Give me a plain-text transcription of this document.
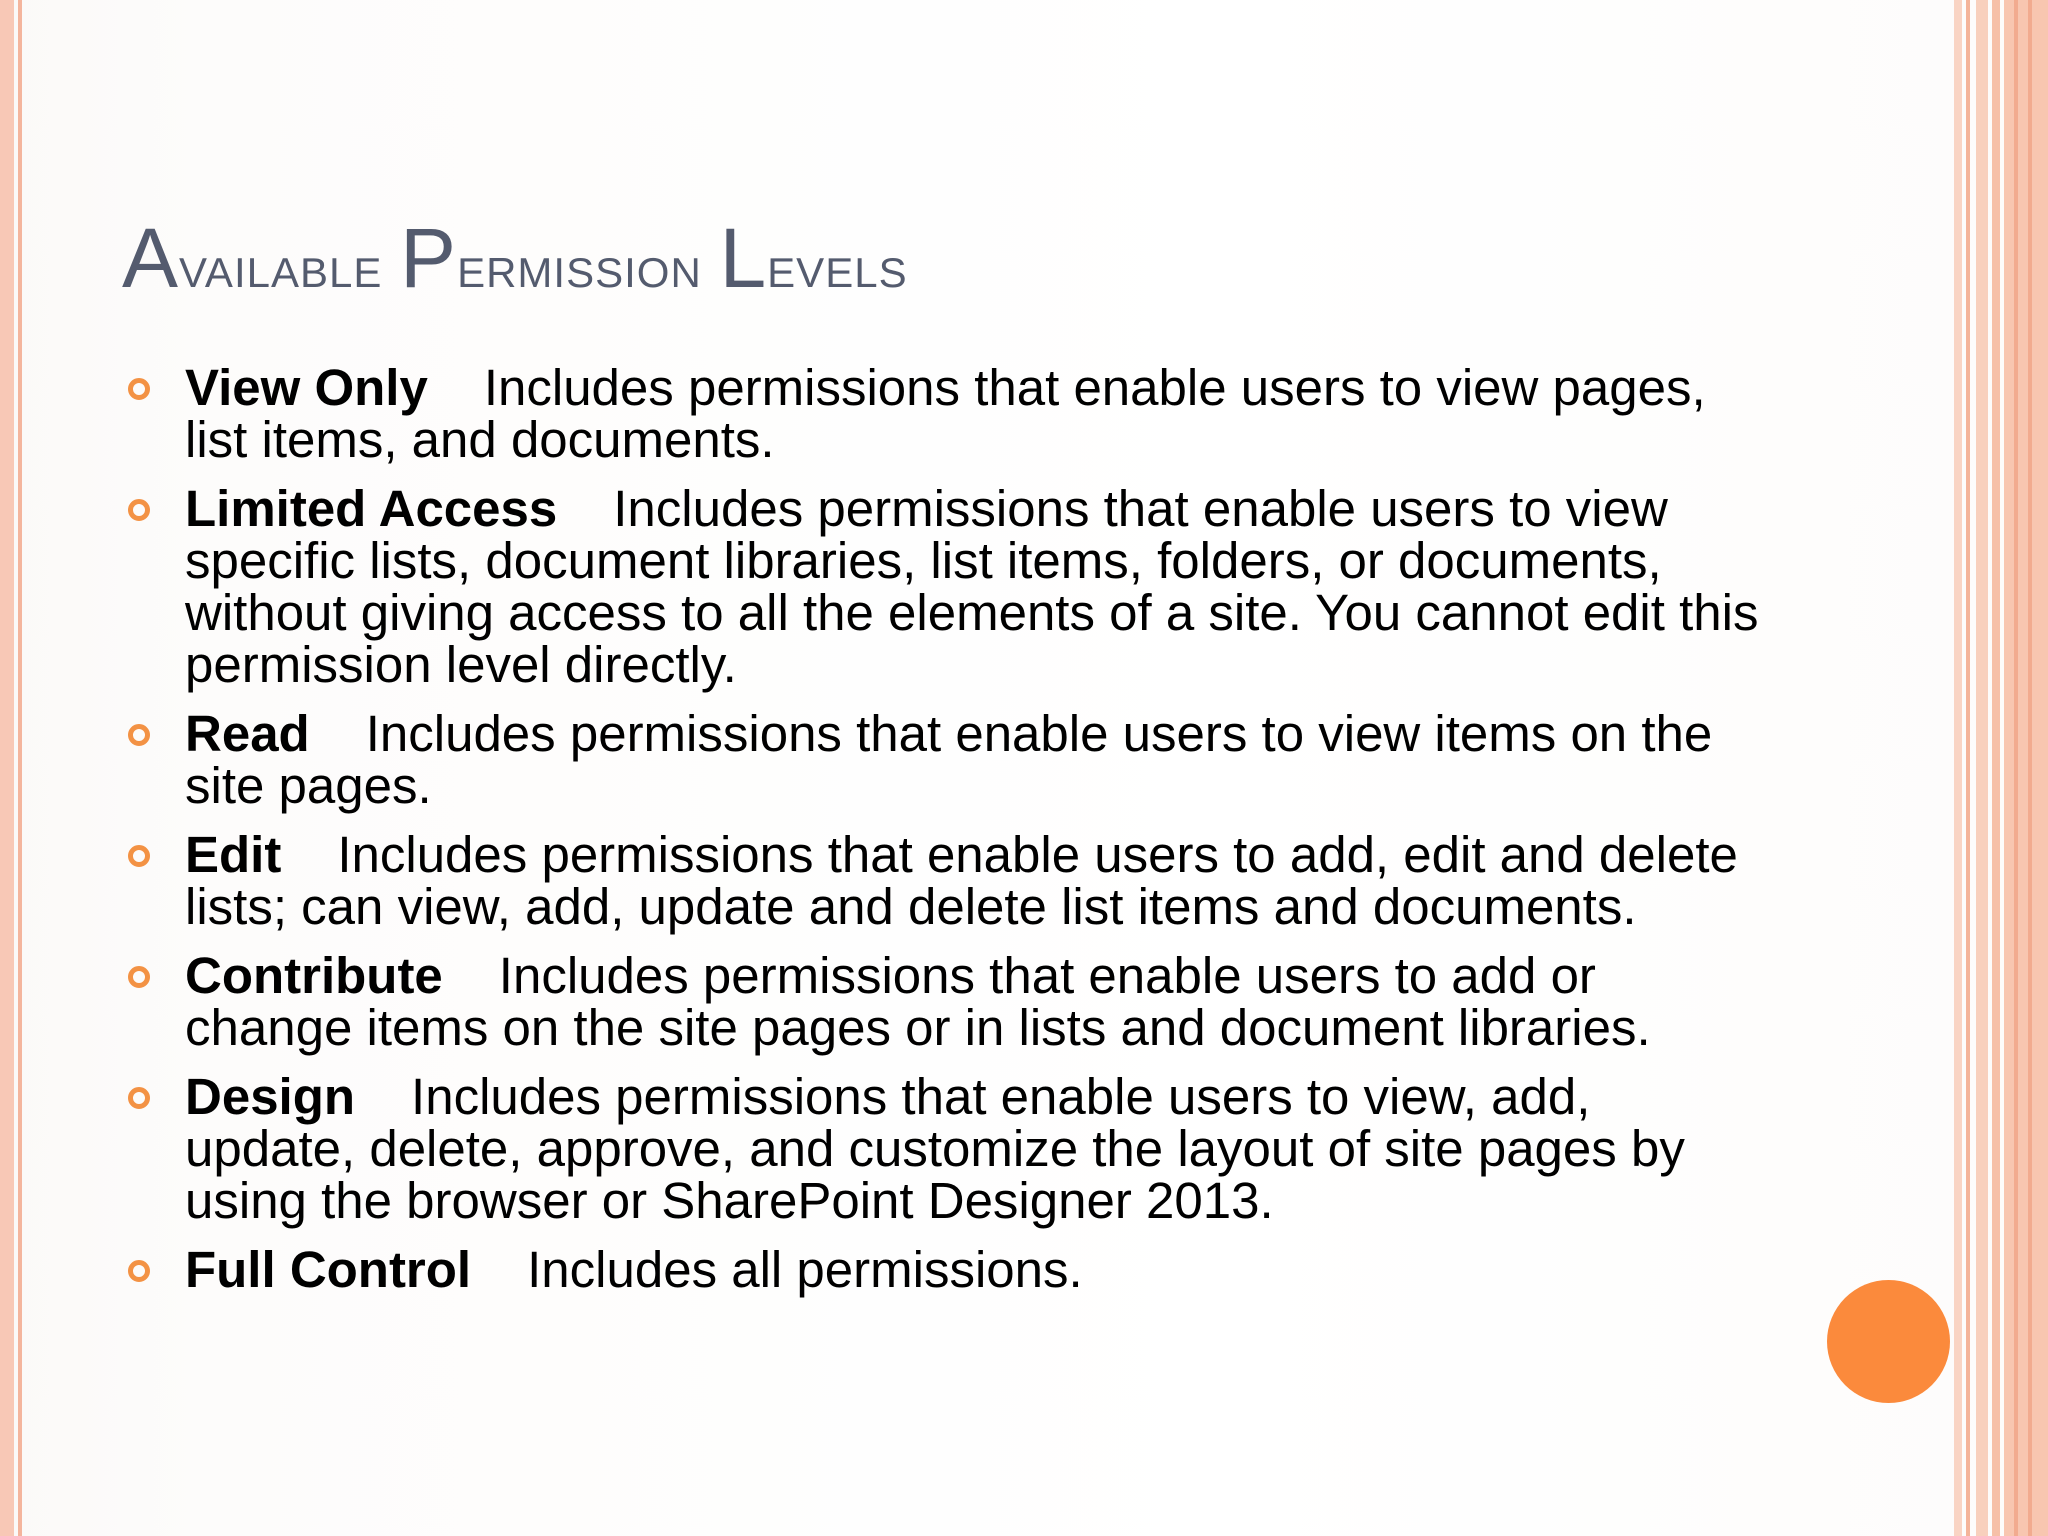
Available Permission Levels
View Only Includes permissions that enable users to view pages, list items, and documents.
Limited Access Includes permissions that enable users to view specific lists, document libraries, list items, folders, or documents, without giving access to all the elements of a site. You cannot edit this permission level directly.
Read Includes permissions that enable users to view items on the site pages.
Edit Includes permissions that enable users to add, edit and delete lists; can view, add, update and delete list items and documents.
Contribute Includes permissions that enable users to add or change items on the site pages or in lists and document libraries.
Design Includes permissions that enable users to view, add, update, delete, approve, and customize the layout of site pages by using the browser or SharePoint Designer 2013.
Full Control Includes all permissions.
